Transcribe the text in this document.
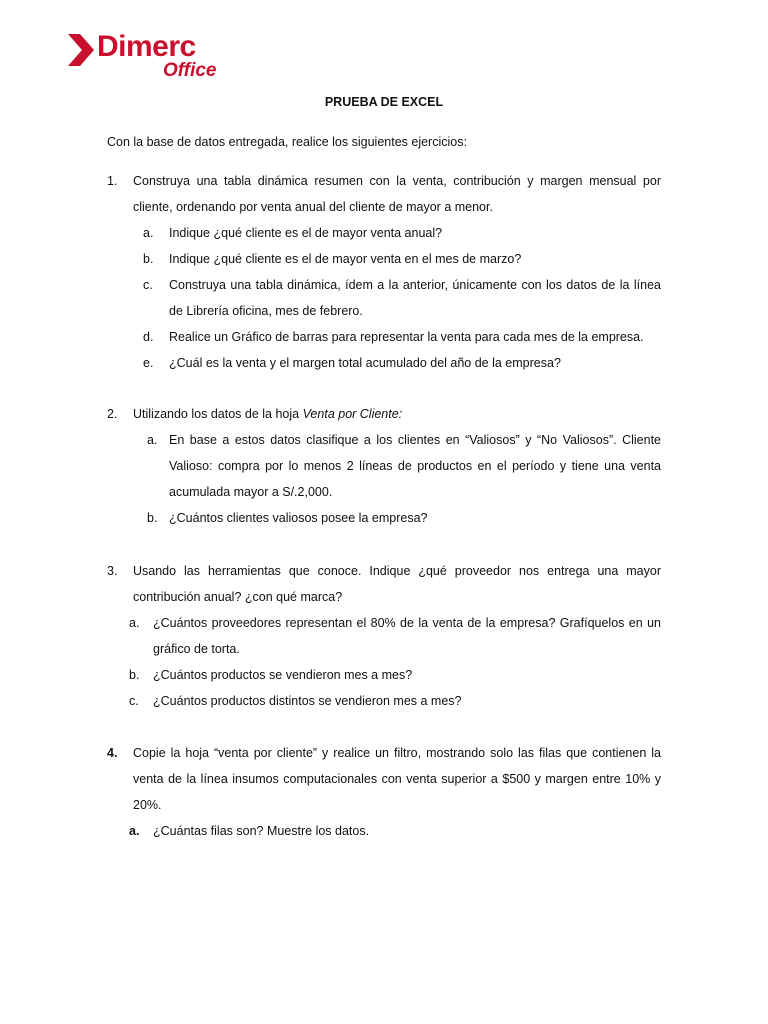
Dimerc
Office
PRUEBA DE EXCEL
Con la base de datos entregada, realice los siguientes ejercicios:
1. Construya una tabla dinámica resumen con la venta, contribución y margen mensual por cliente, ordenando por venta anual del cliente de mayor a menor.
a. Indique ¿qué cliente es el de mayor venta anual?
b. Indique ¿qué cliente es el de mayor venta en el mes de marzo?
c. Construya una tabla dinámica, ídem a la anterior, únicamente con los datos de la línea de Librería oficina, mes de febrero.
d. Realice un Gráfico de barras para representar la venta para cada mes de la empresa.
e. ¿Cuál es la venta y el margen total acumulado del año de la empresa?
2. Utilizando los datos de la hoja Venta por Cliente:
a. En base a estos datos clasifique a los clientes en “Valiosos” y “No Valiosos”. Cliente Valioso: compra por lo menos 2 líneas de productos en el período y tiene una venta acumulada mayor a S/.2,000.
b. ¿Cuántos clientes valiosos posee la empresa?
3. Usando las herramientas que conoce. Indique ¿qué proveedor nos entrega una mayor contribución anual? ¿con qué marca?
a. ¿Cuántos proveedores representan el 80% de la venta de la empresa? Grafíquelos en un gráfico de torta.
b. ¿Cuántos productos se vendieron mes a mes?
c. ¿Cuántos productos distintos se vendieron mes a mes?
4. Copie la hoja “venta por cliente” y realice un filtro, mostrando solo las filas que contienen la venta de la línea insumos computacionales con venta superior a $500 y margen entre 10% y 20%.
a. ¿Cuántas filas son? Muestre los datos.
